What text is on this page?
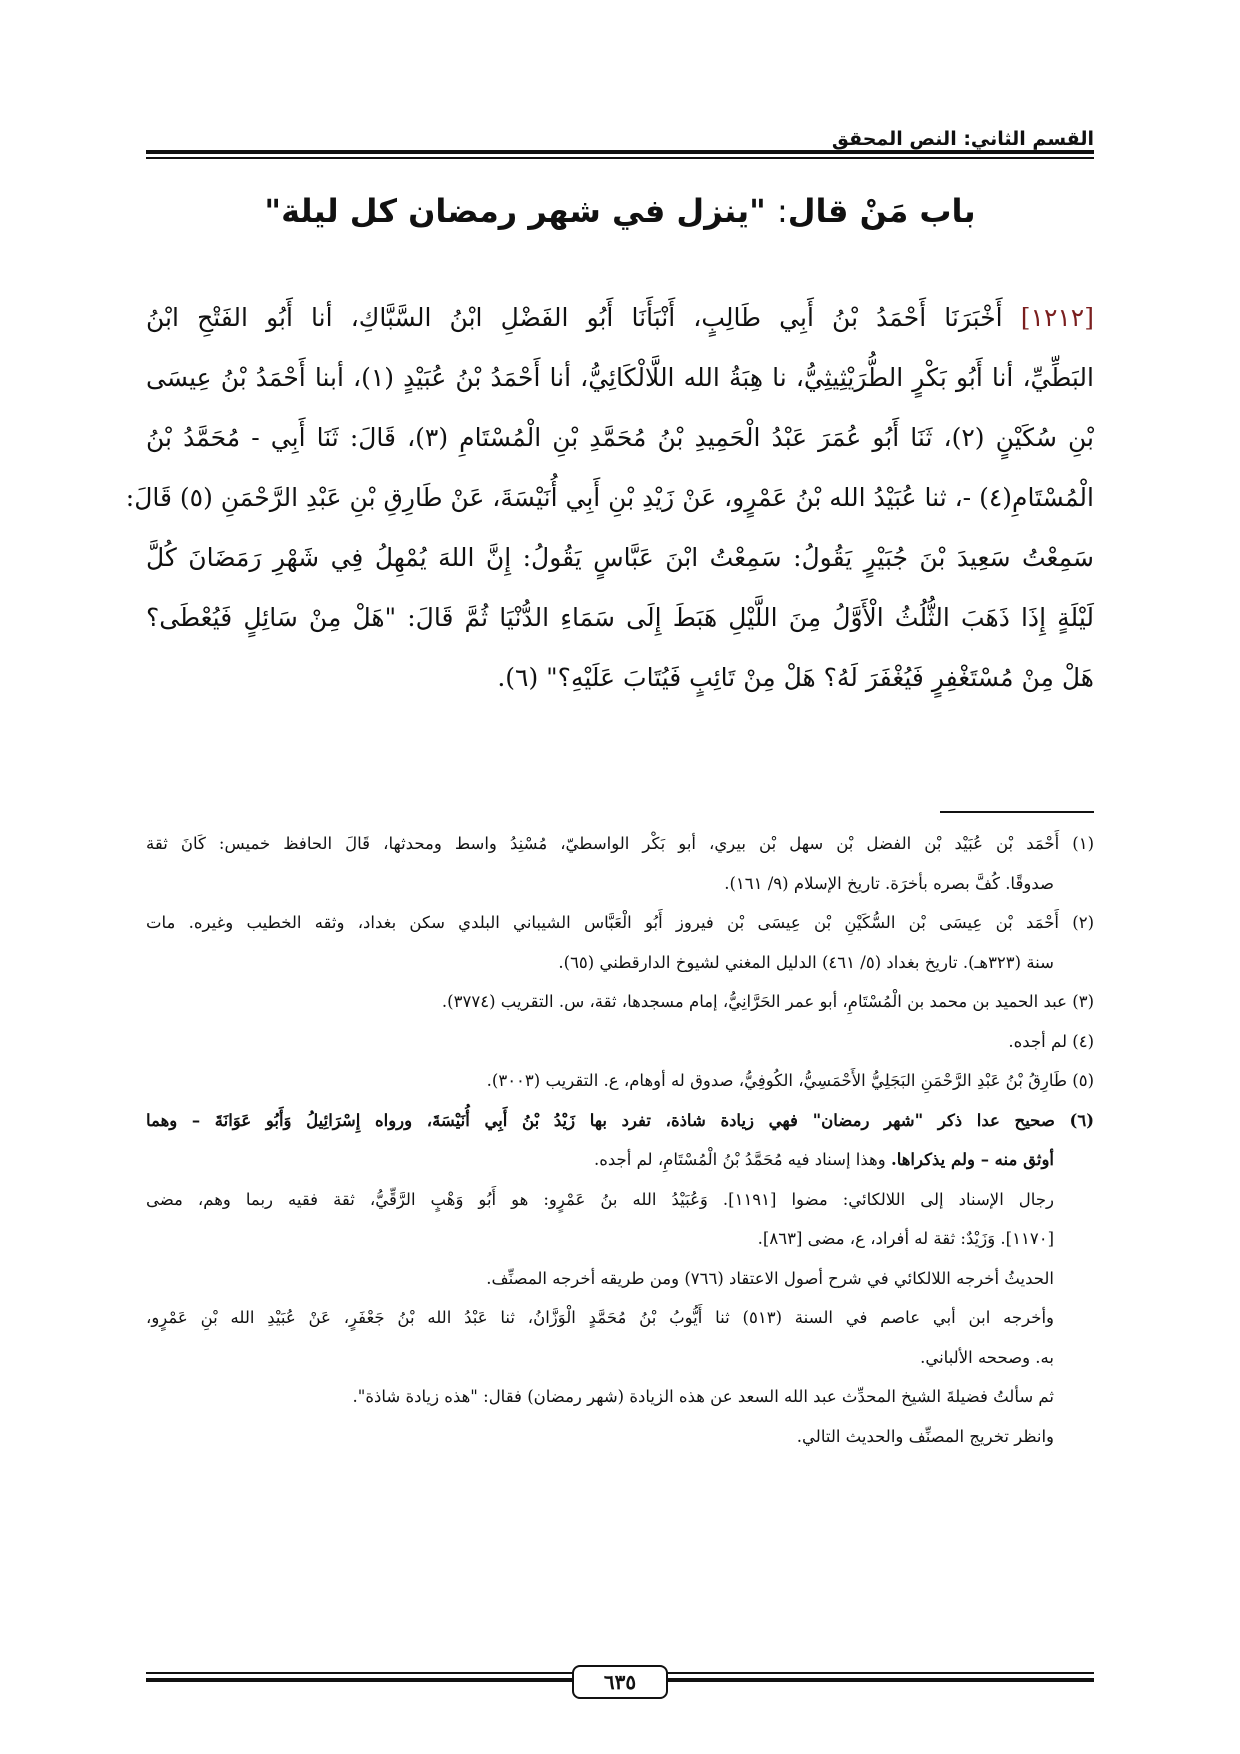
القسم الثاني: النص المحقق
باب مَنْ قال: "ينزل في شهر رمضان كل ليلة"
[١٢١٢] أَخْبَرَنَا أَحْمَدُ بْنُ أَبِي طَالِبٍ، أَنْبَأَنَا أَبُو الفَضْلِ ابْنُ السَّبَّاكِ، أنا أَبُو الفَتْحِ ابْنُ
البَطِّيِّ، أنا أَبُو بَكْرٍ الطُّرَيْثِيثِيُّ، نا هِبَةُ الله اللَّالْكَائِيُّ، أنا أَحْمَدُ بْنُ عُبَيْدٍ (١)، أبنا أَحْمَدُ بْنُ عِيسَى
بْنِ سُكَيْنٍ (٢)، ثَنَا أَبُو عُمَرَ عَبْدُ الْحَمِيدِ بْنُ مُحَمَّدِ بْنِ الْمُسْتَامِ (٣)، قَالَ: ثَنَا أَبِي - مُحَمَّدُ بْنُ
الْمُسْتَامِ(٤) -، ثنا عُبَيْدُ الله بْنُ عَمْرٍو، عَنْ زَيْدِ بْنِ أَبِي أُنَيْسَةَ، عَنْ طَارِقِ بْنِ عَبْدِ الرَّحْمَنِ (٥) قَالَ:
سَمِعْتُ سَعِيدَ بْنَ جُبَيْرٍ يَقُولُ: سَمِعْتُ ابْنَ عَبَّاسٍ يَقُولُ: إِنَّ اللهَ يُمْهِلُ فِي شَهْرِ رَمَضَانَ كُلَّ
لَيْلَةٍ إِذَا ذَهَبَ الثُّلُثُ الْأَوَّلُ مِنَ اللَّيْلِ هَبَطَ إِلَى سَمَاءِ الدُّنْيَا ثُمَّ قَالَ: "هَلْ مِنْ سَائِلٍ فَيُعْطَى؟
هَلْ مِنْ مُسْتَغْفِرٍ فَيُغْفَرَ لَهُ؟ هَلْ مِنْ تَائِبٍ فَيُتَابَ عَلَيْهِ؟" (٦).
(١) أَحْمَد بْن عُبَيْد بْن الفضل بْن سهل بْن بيري، أبو بَكْر الواسطيّ، مُسْنِدُ واسط ومحدثها، قَالَ الحافظ خميس: كَانَ ثقة
صدوقًا. كُفَّ بصره بأخرَة. تاريخ الإسلام (٩/ ١٦١).
(٢) أَحْمَد بْن عِيسَى بْن السُّكَيْنِ بْن عِيسَى بْن فيروز أَبُو الْعَبَّاس الشيباني البلدي سكن بغداد، وثقه الخطيب وغيره. مات
سنة (٣٢٣هـ). تاريخ بغداد (٥/ ٤٦١) الدليل المغني لشيوخ الدارقطني (٦٥).
(٣) عبد الحميد بن محمد بن الْمُسْتَامِ، أبو عمر الحَرَّانِيُّ، إمام مسجدها، ثقة، س. التقريب (٣٧٧٤).
(٤) لم أجده.
(٥) طَارِقُ بْنُ عَبْدِ الرَّحْمَنِ البَجَلِيُّ الأَحْمَسِيُّ، الكُوفِيُّ، صدوق له أوهام، ع. التقريب (٣٠٠٣).
(٦) صحيح عدا ذكر "شهر رمضان" فهي زيادة شاذة، تفرد بها زَيْدُ بْنُ أَبِي أُنَيْسَةَ، ورواه إِسْرَائِيلُ وَأَبُو عَوَانَةَ – وهما
أوثق منه – ولم يذكراها. وهذا إسناد فيه مُحَمَّدُ بْنُ الْمُسْتَامِ، لم أجده.
رجال الإسناد إلى اللالكائي: مضوا [١١٩١]. وَعُبَيْدُ الله بنُ عَمْرٍو: هو أَبُو وَهْبٍ الرَّقِّيُّ، ثقة فقيه ربما وهم، مضى
[١١٧٠]. وَزَيْدٌ: ثقة له أفراد، ع، مضى [٨٦٣].
الحديثُ أخرجه اللالكائي في شرح أصول الاعتقاد (٧٦٦) ومن طريقه أخرجه المصنِّف.
وأخرجه ابن أبي عاصم في السنة (٥١٣) ثنا أَيُّوبُ بْنُ مُحَمَّدٍ الْوَزَّانُ، ثنا عَبْدُ الله بْنُ جَعْفَرٍ، عَنْ عُبَيْدِ الله بْنِ عَمْرٍو،
به. وصححه الألباني.
ثم سألتُ فضيلةَ الشيخ المحدِّث عبد الله السعد عن هذه الزيادة (شهر رمضان) فقال: "هذه زيادة شاذة".
وانظر تخريج المصنِّف والحديث التالي.
٦٣٥
